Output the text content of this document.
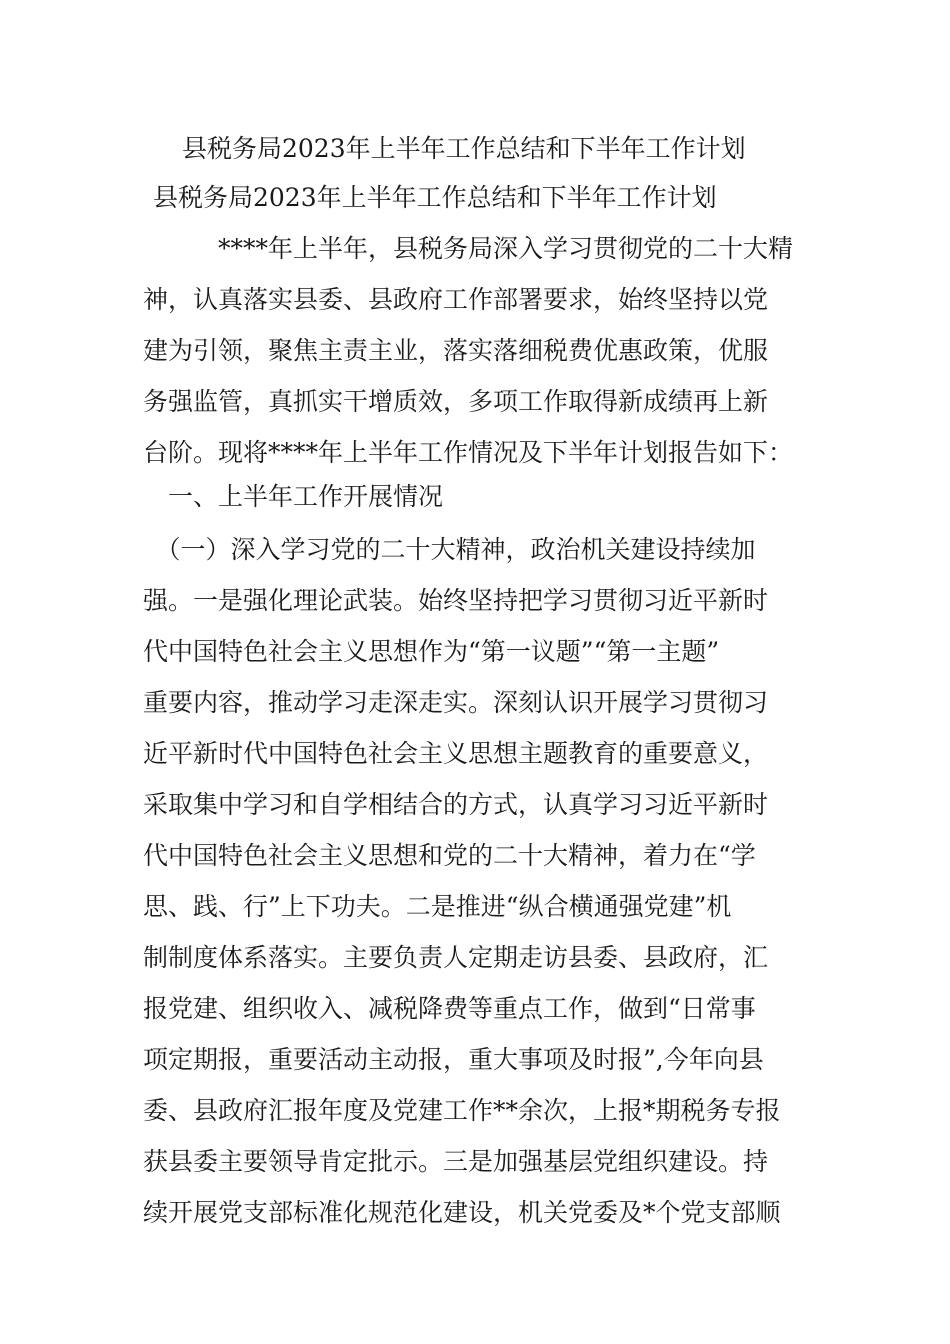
县税务局2023年上半年工作总结和下半年工作计划
县税务局2023年上半年工作总结和下半年工作计划
　　　****年上半年，县税务局深入学习贯彻党的二十大精
神，认真落实县委、县政府工作部署要求，始终坚持以党
建为引领，聚焦主责主业，落实落细税费优惠政策，优服
务强监管，真抓实干增质效，多项工作取得新成绩再上新
台阶。现将****年上半年工作情况及下半年计划报告如下：
　一、上半年工作开展情况
　（一）深入学习党的二十大精神，政治机关建设持续加
强。一是强化理论武装。始终坚持把学习贯彻习近平新时
代中国特色社会主义思想作为“第一议题”“第一主题”
重要内容，推动学习走深走实。深刻认识开展学习贯彻习
近平新时代中国特色社会主义思想主题教育的重要意义，
采取集中学习和自学相结合的方式，认真学习习近平新时
代中国特色社会主义思想和党的二十大精神，着力在“学
思、践、行”上下功夫。二是推进“纵合横通强党建”机
制制度体系落实。主要负责人定期走访县委、县政府，汇
报党建、组织收入、减税降费等重点工作，做到“日常事
项定期报，重要活动主动报，重大事项及时报”,今年向县
委、县政府汇报年度及党建工作**余次，上报*期税务专报
获县委主要领导肯定批示。三是加强基层党组织建设。持
续开展党支部标准化规范化建设，机关党委及*个党支部顺
